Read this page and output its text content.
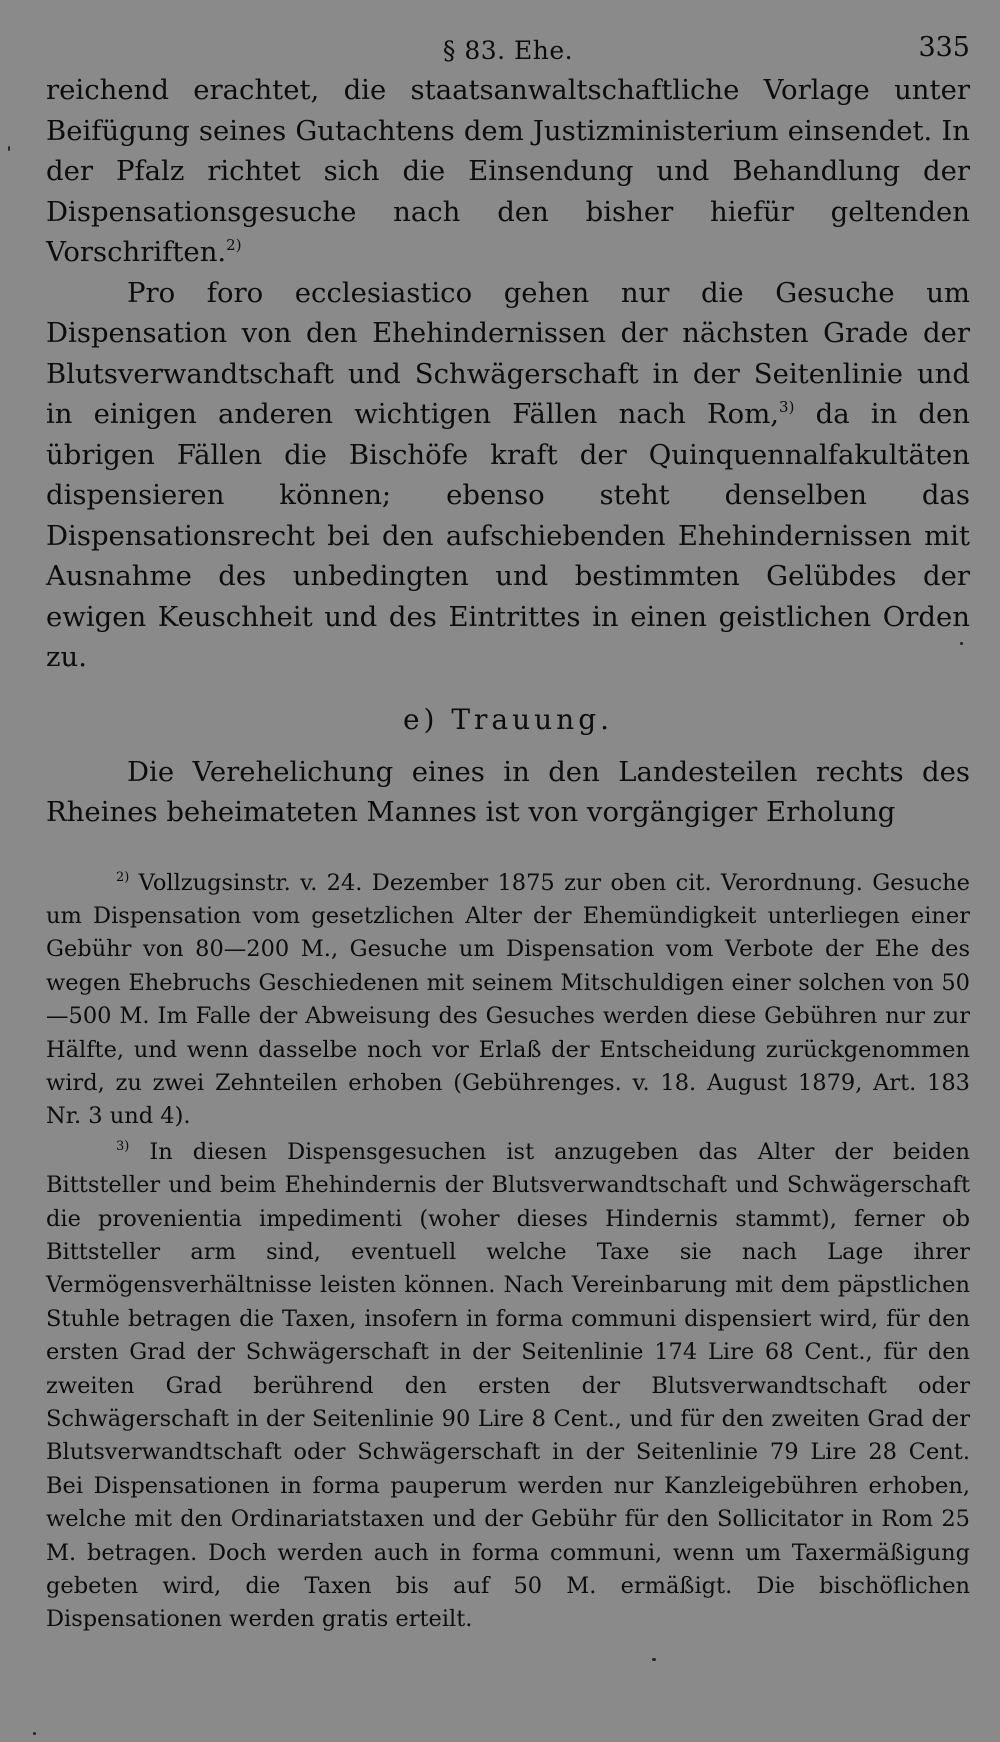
§ 83. Ehe.	335

reichend erachtet, die staatsanwaltschaftliche Vorlage unter Beifügung seines Gutachtens dem Justizministerium einsendet. In der Pfalz richtet sich die Einsendung und Behandlung der Dispensationsgesuche nach den bisher hiefür geltenden Vorschriften.$^{2)}$

Pro foro ecclesiastico gehen nur die Gesuche um Dispensation von den Ehehindernissen der nächsten Grade der Blutsverwandtschaft und Schwägerschaft in der Seitenlinie und in einigen anderen wichtigen Fällen nach Rom,$^{3)}$ da in den übrigen Fällen die Bischöfe kraft der Quinquennalfakultäten dispensieren können; ebenso steht denselben das Dispensationsrecht bei den aufschiebenden Ehehindernissen mit Ausnahme des unbedingten und bestimmten Gelübdes der ewigen Keuschheit und des Eintrittes in einen geistlichen Orden zu.

e) Trauung.

Die Verehelichung eines in den Landesteilen rechts des Rheines beheimateten Mannes ist von vorgängiger Erholung

$^{2)}$ Vollzugsinstr. v. 24. Dezember 1875 zur oben cit. Verordnung. Gesuche um Dispensation vom gesetzlichen Alter der Ehemündigkeit unterliegen einer Gebühr von 80—200 M., Gesuche um Dispensation vom Verbote der Ehe des wegen Ehebruchs Geschiedenen mit seinem Mitschuldigen einer solchen von 50—500 M. Im Falle der Abweisung des Gesuches werden diese Gebühren nur zur Hälfte, und wenn dasselbe noch vor Erlaß der Entscheidung zurückgenommen wird, zu zwei Zehnteilen erhoben (Gebührenges. v. 18. August 1879, Art. 183 Nr. 3 und 4).

$^{3)}$ In diesen Dispensgesuchen ist anzugeben das Alter der beiden Bittsteller und beim Ehehindernis der Blutsverwandtschaft und Schwägerschaft die provenientia impedimenti (woher dieses Hindernis stammt), ferner ob Bittsteller arm sind, eventuell welche Taxe sie nach Lage ihrer Vermögensverhältnisse leisten können. Nach Vereinbarung mit dem päpstlichen Stuhle betragen die Taxen, insofern in forma communi dispensiert wird, für den ersten Grad der Schwägerschaft in der Seitenlinie 174 Lire 68 Cent., für den zweiten Grad berührend den ersten der Blutsverwandtschaft oder Schwägerschaft in der Seitenlinie 90 Lire 8 Cent., und für den zweiten Grad der Blutsverwandtschaft oder Schwägerschaft in der Seitenlinie 79 Lire 28 Cent. Bei Dispensationen in forma pauperum werden nur Kanzleigebühren erhoben, welche mit den Ordinariatstaxen und der Gebühr für den Sollicitator in Rom 25 M. betragen. Doch werden auch in forma communi, wenn um Taxermäßigung gebeten wird, die Taxen bis auf 50 M. ermäßigt. Die bischöflichen Dispensationen werden gratis erteilt.
